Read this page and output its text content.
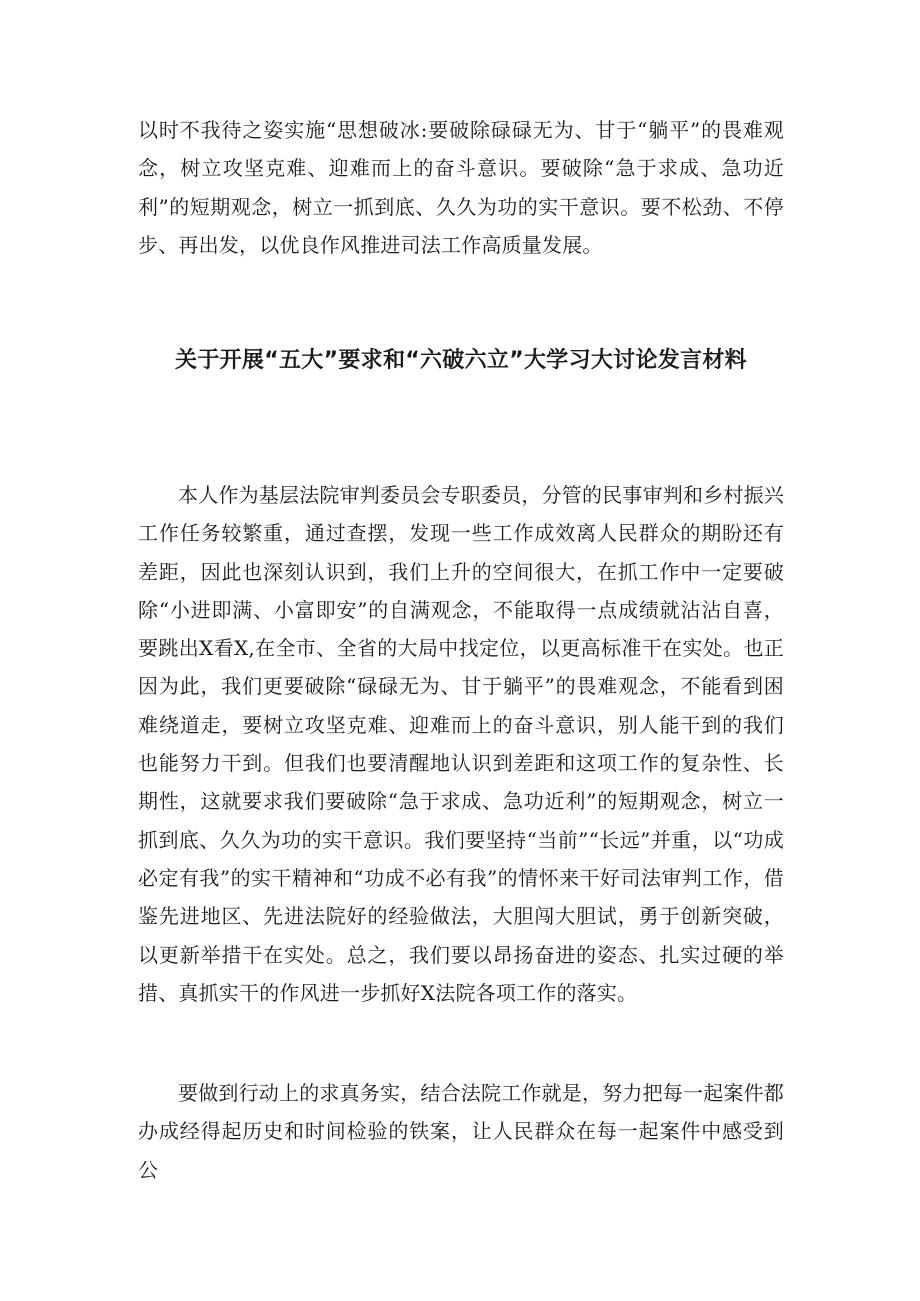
以时不我待之姿实施“思想破冰:要破除碌碌无为、甘于“躺平”的畏难观念，树立攻坚克难、迎难而上的奋斗意识。要破除“急于求成、急功近利”的短期观念，树立一抓到底、久久为功的实干意识。要不松劲、不停步、再出发，以优良作风推进司法工作高质量发展。

关于开展“五大”要求和“六破六立”大学习大讨论发言材料

本人作为基层法院审判委员会专职委员，分管的民事审判和乡村振兴工作任务较繁重，通过查摆，发现一些工作成效离人民群众的期盼还有差距，因此也深刻认识到，我们上升的空间很大，在抓工作中一定要破除“小进即满、小富即安”的自满观念，不能取得一点成绩就沾沾自喜，要跳出X看X,在全市、全省的大局中找定位，以更高标准干在实处。也正因为此，我们更要破除“碌碌无为、甘于躺平”的畏难观念，不能看到困难绕道走，要树立攻坚克难、迎难而上的奋斗意识，别人能干到的我们也能努力干到。但我们也要清醒地认识到差距和这项工作的复杂性、长期性，这就要求我们要破除“急于求成、急功近利”的短期观念，树立一抓到底、久久为功的实干意识。我们要坚持“当前”“长远”并重，以“功成必定有我”的实干精神和“功成不必有我”的情怀来干好司法审判工作，借鉴先进地区、先进法院好的经验做法，大胆闯大胆试，勇于创新突破，以更新举措干在实处。总之，我们要以昂扬奋进的姿态、扎实过硬的举措、真抓实干的作风进一步抓好X法院各项工作的落实。

要做到行动上的求真务实，结合法院工作就是，努力把每一起案件都办成经得起历史和时间检验的铁案，让人民群众在每一起案件中感受到公
